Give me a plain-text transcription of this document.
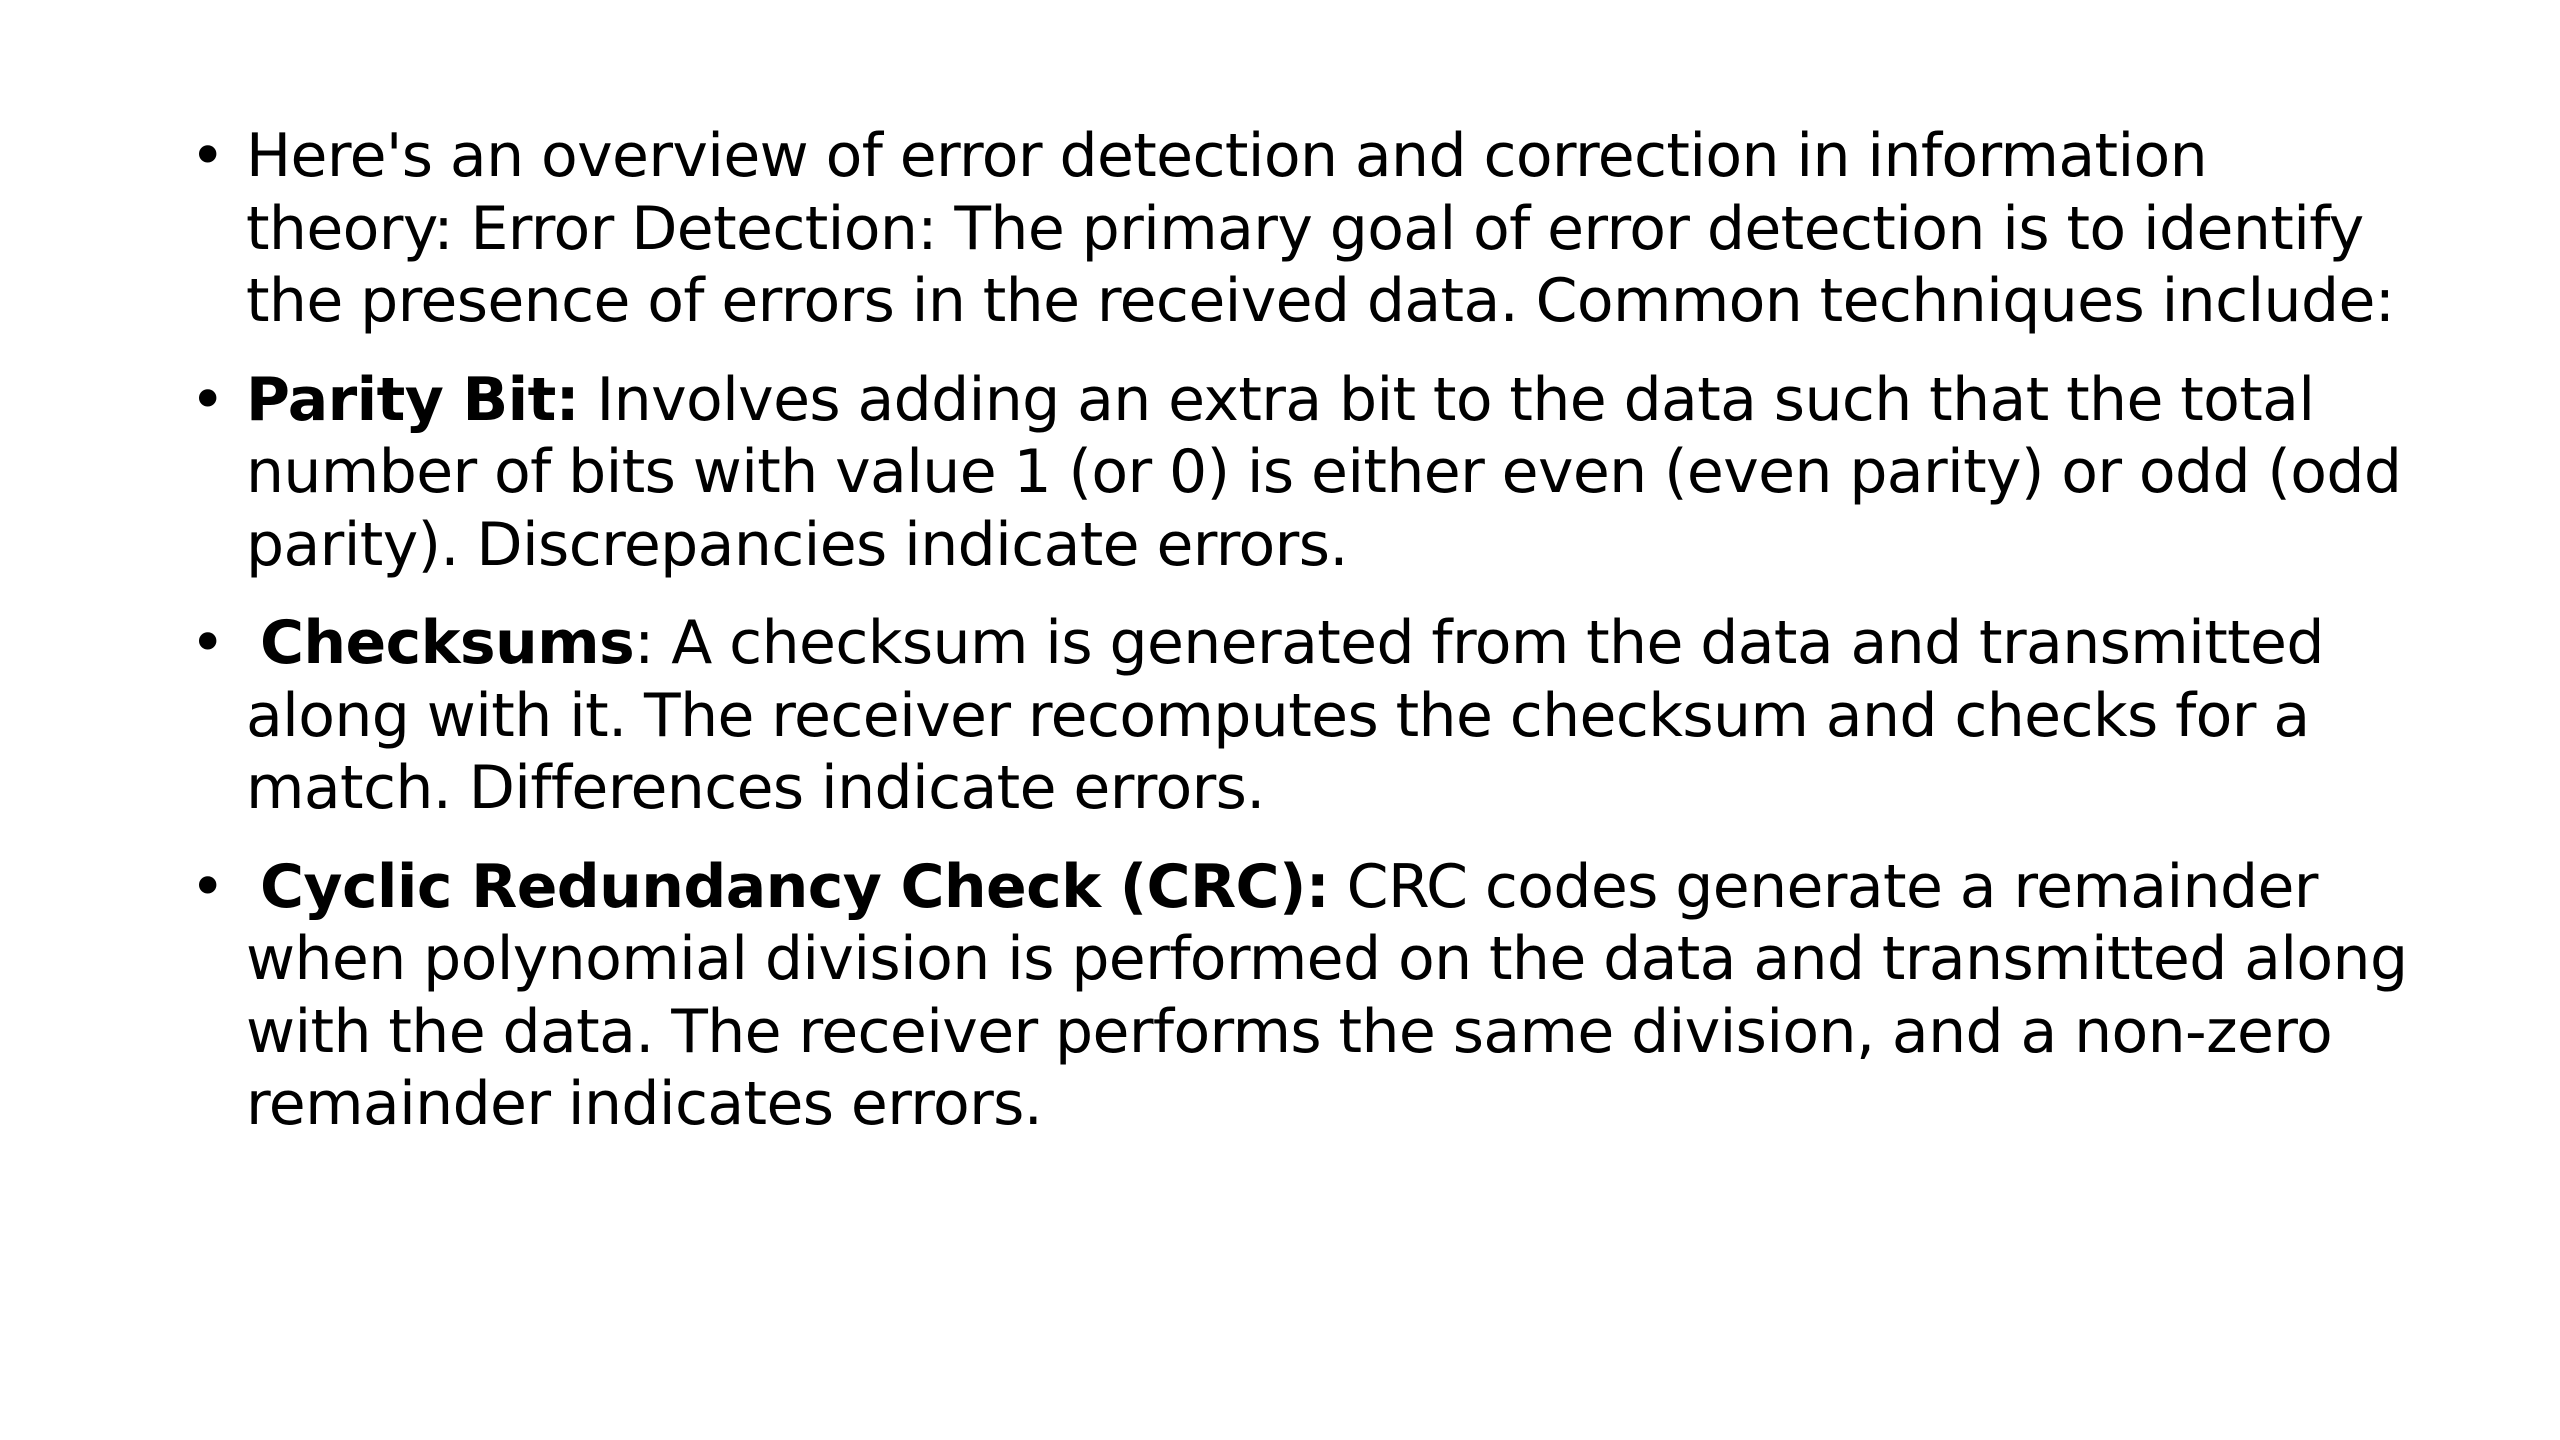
• Here's an overview of error detection and correction in information theory: Error Detection: The primary goal of error detection is to identify the presence of errors in the received data. Common techniques include:
• Parity Bit: Involves adding an extra bit to the data such that the total number of bits with value 1 (or 0) is either even (even parity) or odd (odd parity). Discrepancies indicate errors.
• Checksums: A checksum is generated from the data and transmitted along with it. The receiver recomputes the checksum and checks for a match. Differences indicate errors.
• Cyclic Redundancy Check (CRC): CRC codes generate a remainder when polynomial division is performed on the data and transmitted along with the data. The receiver performs the same division, and a non-zero remainder indicates errors.
